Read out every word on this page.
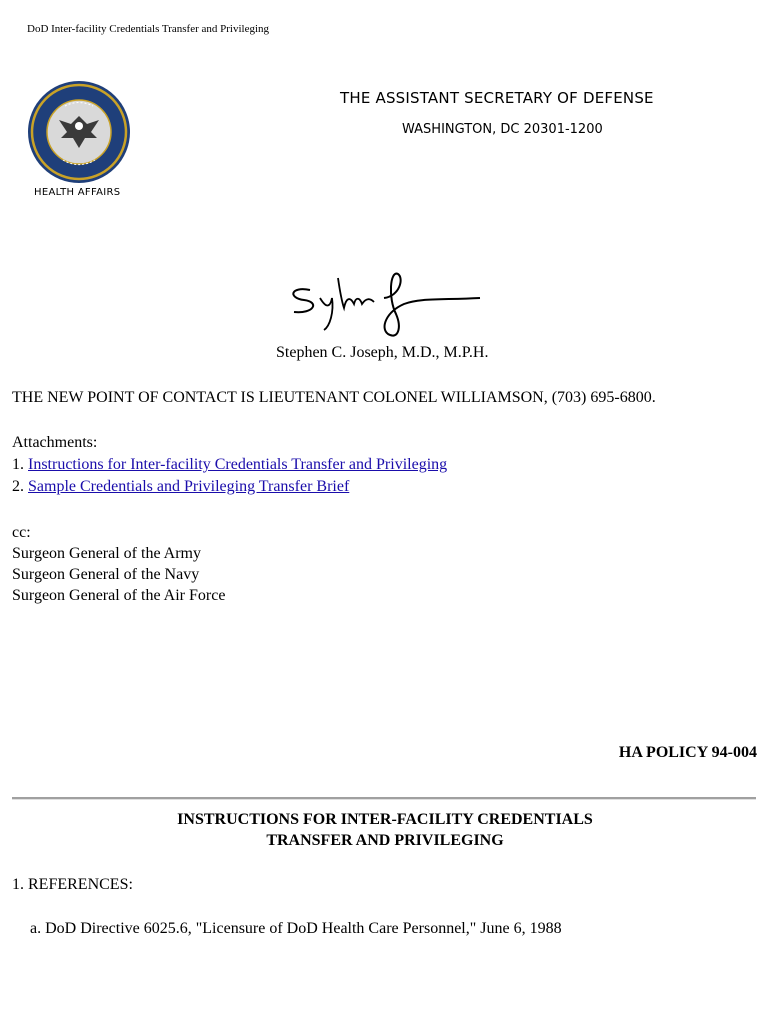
DoD Inter-facility Credentials Transfer and Privileging
HEALTH AFFAIRS
THE ASSISTANT SECRETARY OF DEFENSE
WASHINGTON, DC 20301-1200
Stephen C. Joseph, M.D., M.P.H.
THE NEW POINT OF CONTACT IS LIEUTENANT COLONEL WILLIAMSON, (703) 695-6800.
Attachments:
1. Instructions for Inter-facility Credentials Transfer and Privileging
2. Sample Credentials and Privileging Transfer Brief
cc:
Surgeon General of the Army
Surgeon General of the Navy
Surgeon General of the Air Force
HA POLICY 94-004
INSTRUCTIONS FOR INTER-FACILITY CREDENTIALS
TRANSFER AND PRIVILEGING
1. REFERENCES:
a. DoD Directive 6025.6, "Licensure of DoD Health Care Personnel," June 6, 1988
